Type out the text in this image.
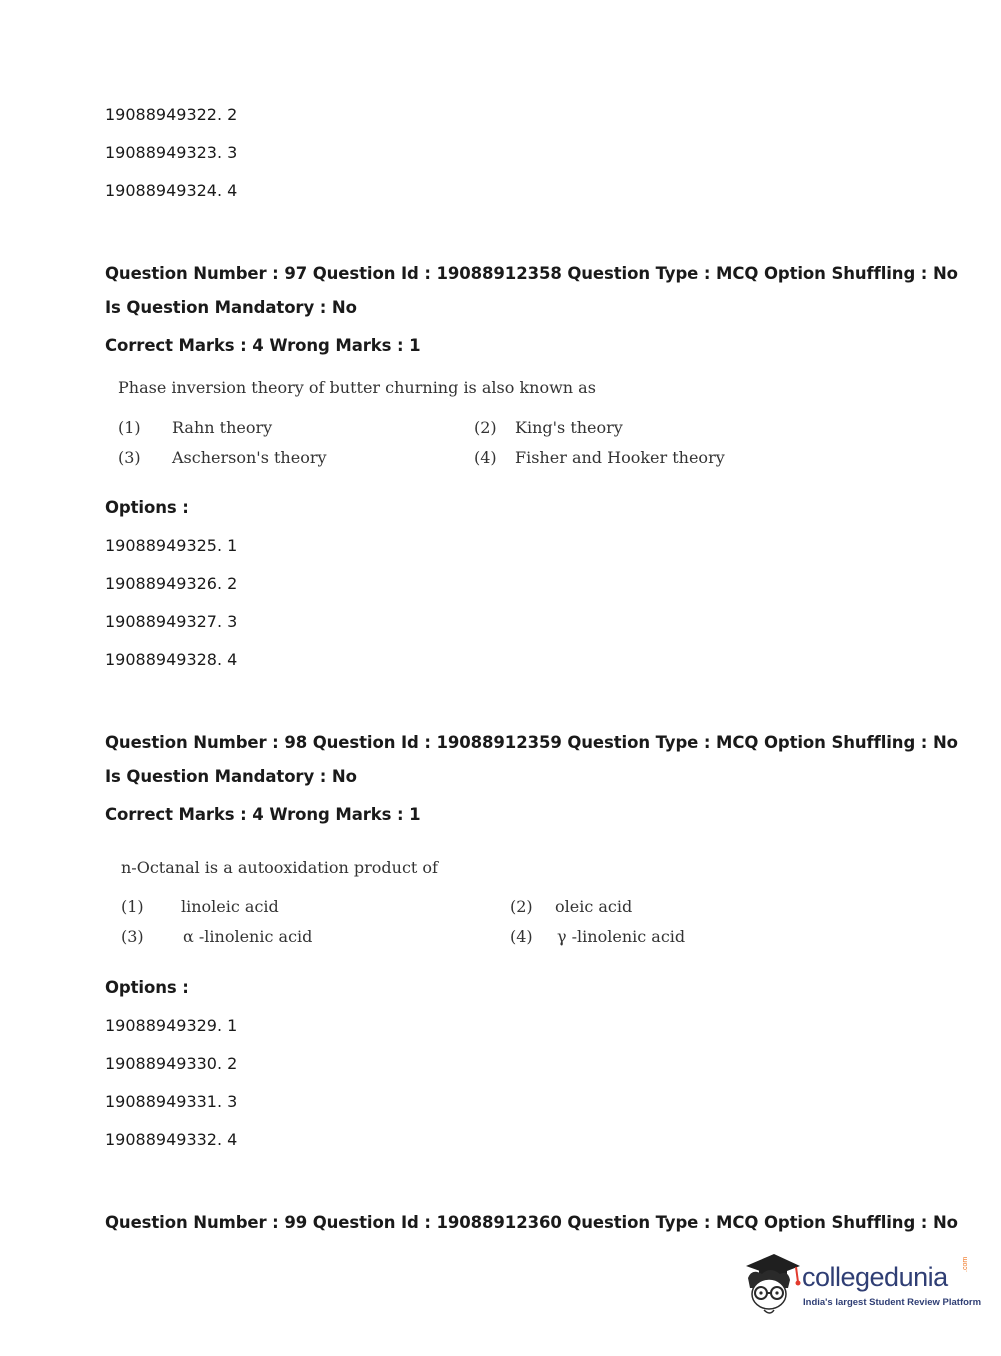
19088949322. 2
19088949323. 3
19088949324. 4
Question Number : 97 Question Id : 19088912358 Question Type : MCQ Option Shuffling : No
Is Question Mandatory : No
Correct Marks : 4 Wrong Marks : 1
Phase inversion theory of butter churning is also known as
(1) Rahn theory	(2) King's theory
(3) Ascherson's theory	(4) Fisher and Hooker theory
Options :
19088949325. 1
19088949326. 2
19088949327. 3
19088949328. 4
Question Number : 98 Question Id : 19088912359 Question Type : MCQ Option Shuffling : No
Is Question Mandatory : No
Correct Marks : 4 Wrong Marks : 1
n-Octanal is a autooxidation product of
(1) linoleic acid	(2) oleic acid
(3) α -linolenic acid	(4) γ -linolenic acid
Options :
19088949329. 1
19088949330. 2
19088949331. 3
19088949332. 4
Question Number : 99 Question Id : 19088912360 Question Type : MCQ Option Shuffling : No
collegedunia .com
India's largest Student Review Platform
